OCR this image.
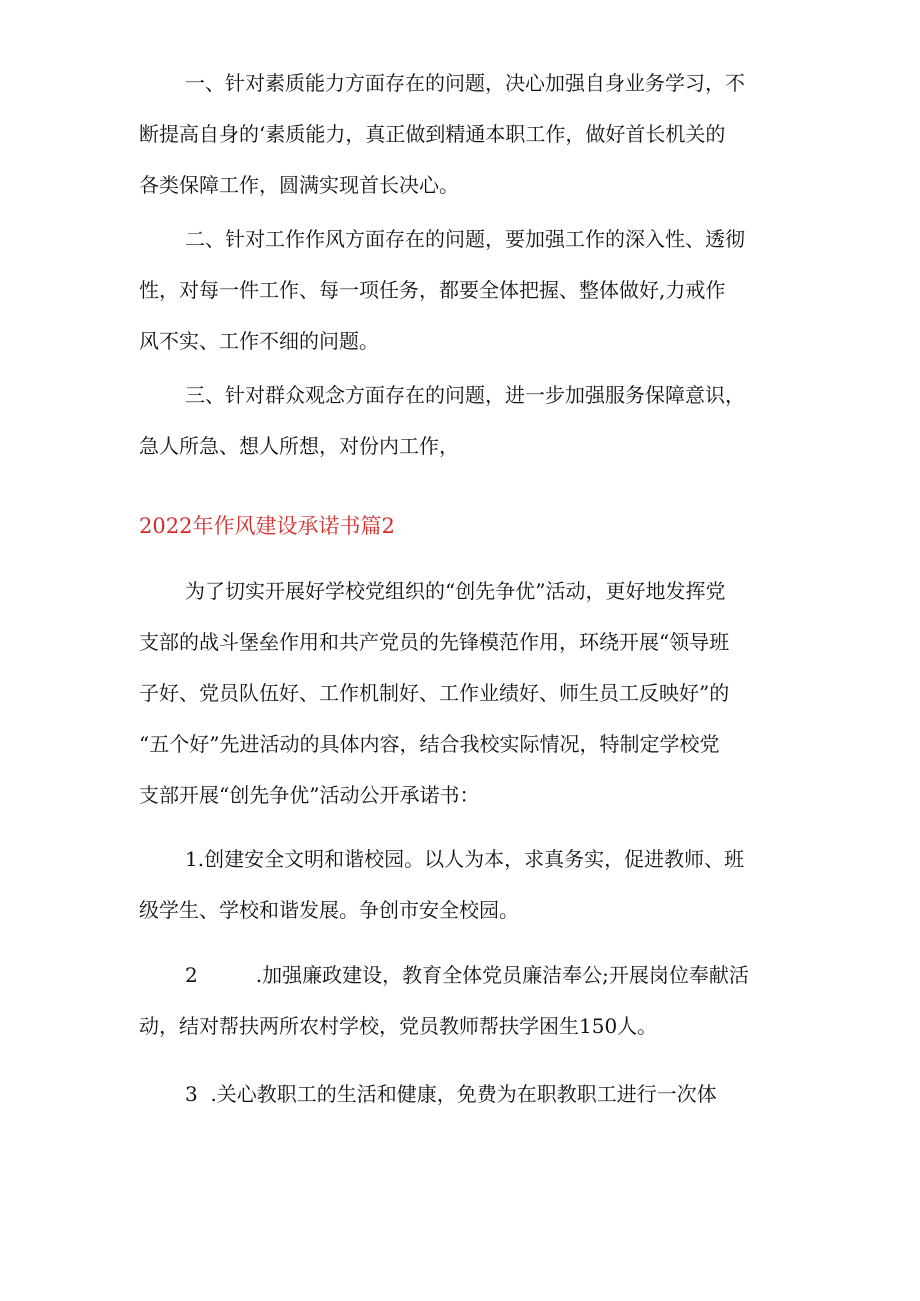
一、针对素质能力方面存在的问题，决心加强自身业务学习，不
断提高自身的‘素质能力，真正做到精通本职工作，做好首长机关的
各类保障工作，圆满实现首长决心。

二、针对工作作风方面存在的问题，要加强工作的深入性、透彻
性，对每一件工作、每一项任务，都要全体把握、整体做好,力戒作
风不实、工作不细的问题。

三、针对群众观念方面存在的问题，进一步加强服务保障意识，
急人所急、想人所想，对份内工作，

2022年作风建设承诺书篇2

为了切实开展好学校党组织的“创先争优”活动，更好地发挥党
支部的战斗堡垒作用和共产党员的先锋模范作用，环绕开展“领导班
子好、党员队伍好、工作机制好、工作业绩好、师生员工反映好”的
“五个好”先进活动的具体内容，结合我校实际情况，特制定学校党
支部开展“创先争优”活动公开承诺书：

1.创建安全文明和谐校园。以人为本，求真务实，促进教师、班
级学生、学校和谐发展。争创市安全校园。

2	.加强廉政建设，教育全体党员廉洁奉公;开展岗位奉献活
动，结对帮扶两所农村学校，党员教师帮扶学困生150人。

3  .关心教职工的生活和健康，免费为在职教职工进行一次体
